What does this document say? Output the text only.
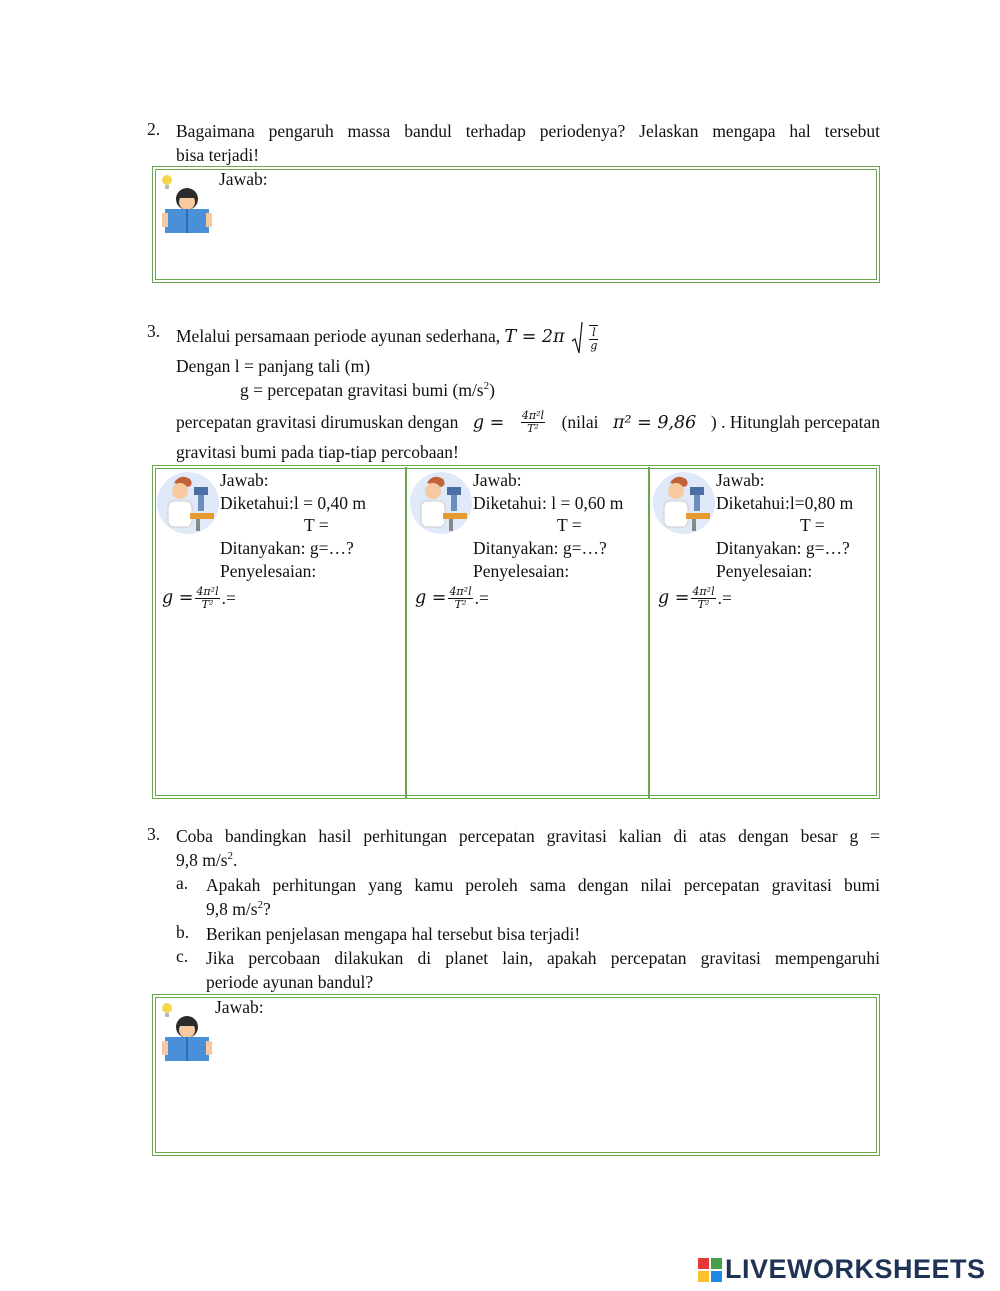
2. Bagaimana pengaruh massa bandul terhadap periodenya? Jelaskan mengapa hal tersebut
bisa terjadi!
Jawab:
3. Melalui persamaan periode ayunan sederhana, $T = 2\pi \frac{l}{g}$
Dengan l = panjang tali (m)
g = percepatan gravitasi bumi $(m/s^2)$
percepatan gravitasi dirumuskan dengan $g = \frac{\text{4π²l}}{\text{T²}}$ (nilai π² = 9,86 ) . Hitunglah percepatan
gravitasi bumi pada tiap-tiap percobaan!
Jawab:
Diketahui:l = 0,40 m
T =
Ditanyakan: g=…?
Penyelesaian:
$g = \frac{\text{4π²l}}{\text{T²}}$ .=
Jawab:
Diketahui: l = 0,60 m
T =
Ditanyakan: g=…?
Penyelesaian:
$g = \frac{\text{4π²l}}{\text{T²}}$ .=
Jawab:
Diketahui:l=0,80 m
T =
Ditanyakan: g=…?
Penyelesaian:
$g = \frac{\text{4π²l}}{\text{T²}}$ .=
3. Coba bandingkan hasil perhitungan percepatan gravitasi kalian di atas dengan besar g =
9,8 $m/s^2$.
a. Apakah perhitungan yang kamu peroleh sama dengan nilai percepatan gravitasi bumi
9,8 $m/s^2$?
b. Berikan penjelasan mengapa hal tersebut bisa terjadi!
c. Jika percobaan dilakukan di planet lain, apakah percepatan gravitasi mempengaruhi
periode ayunan bandul?
Jawab:
LIVEWORKSHEETS
